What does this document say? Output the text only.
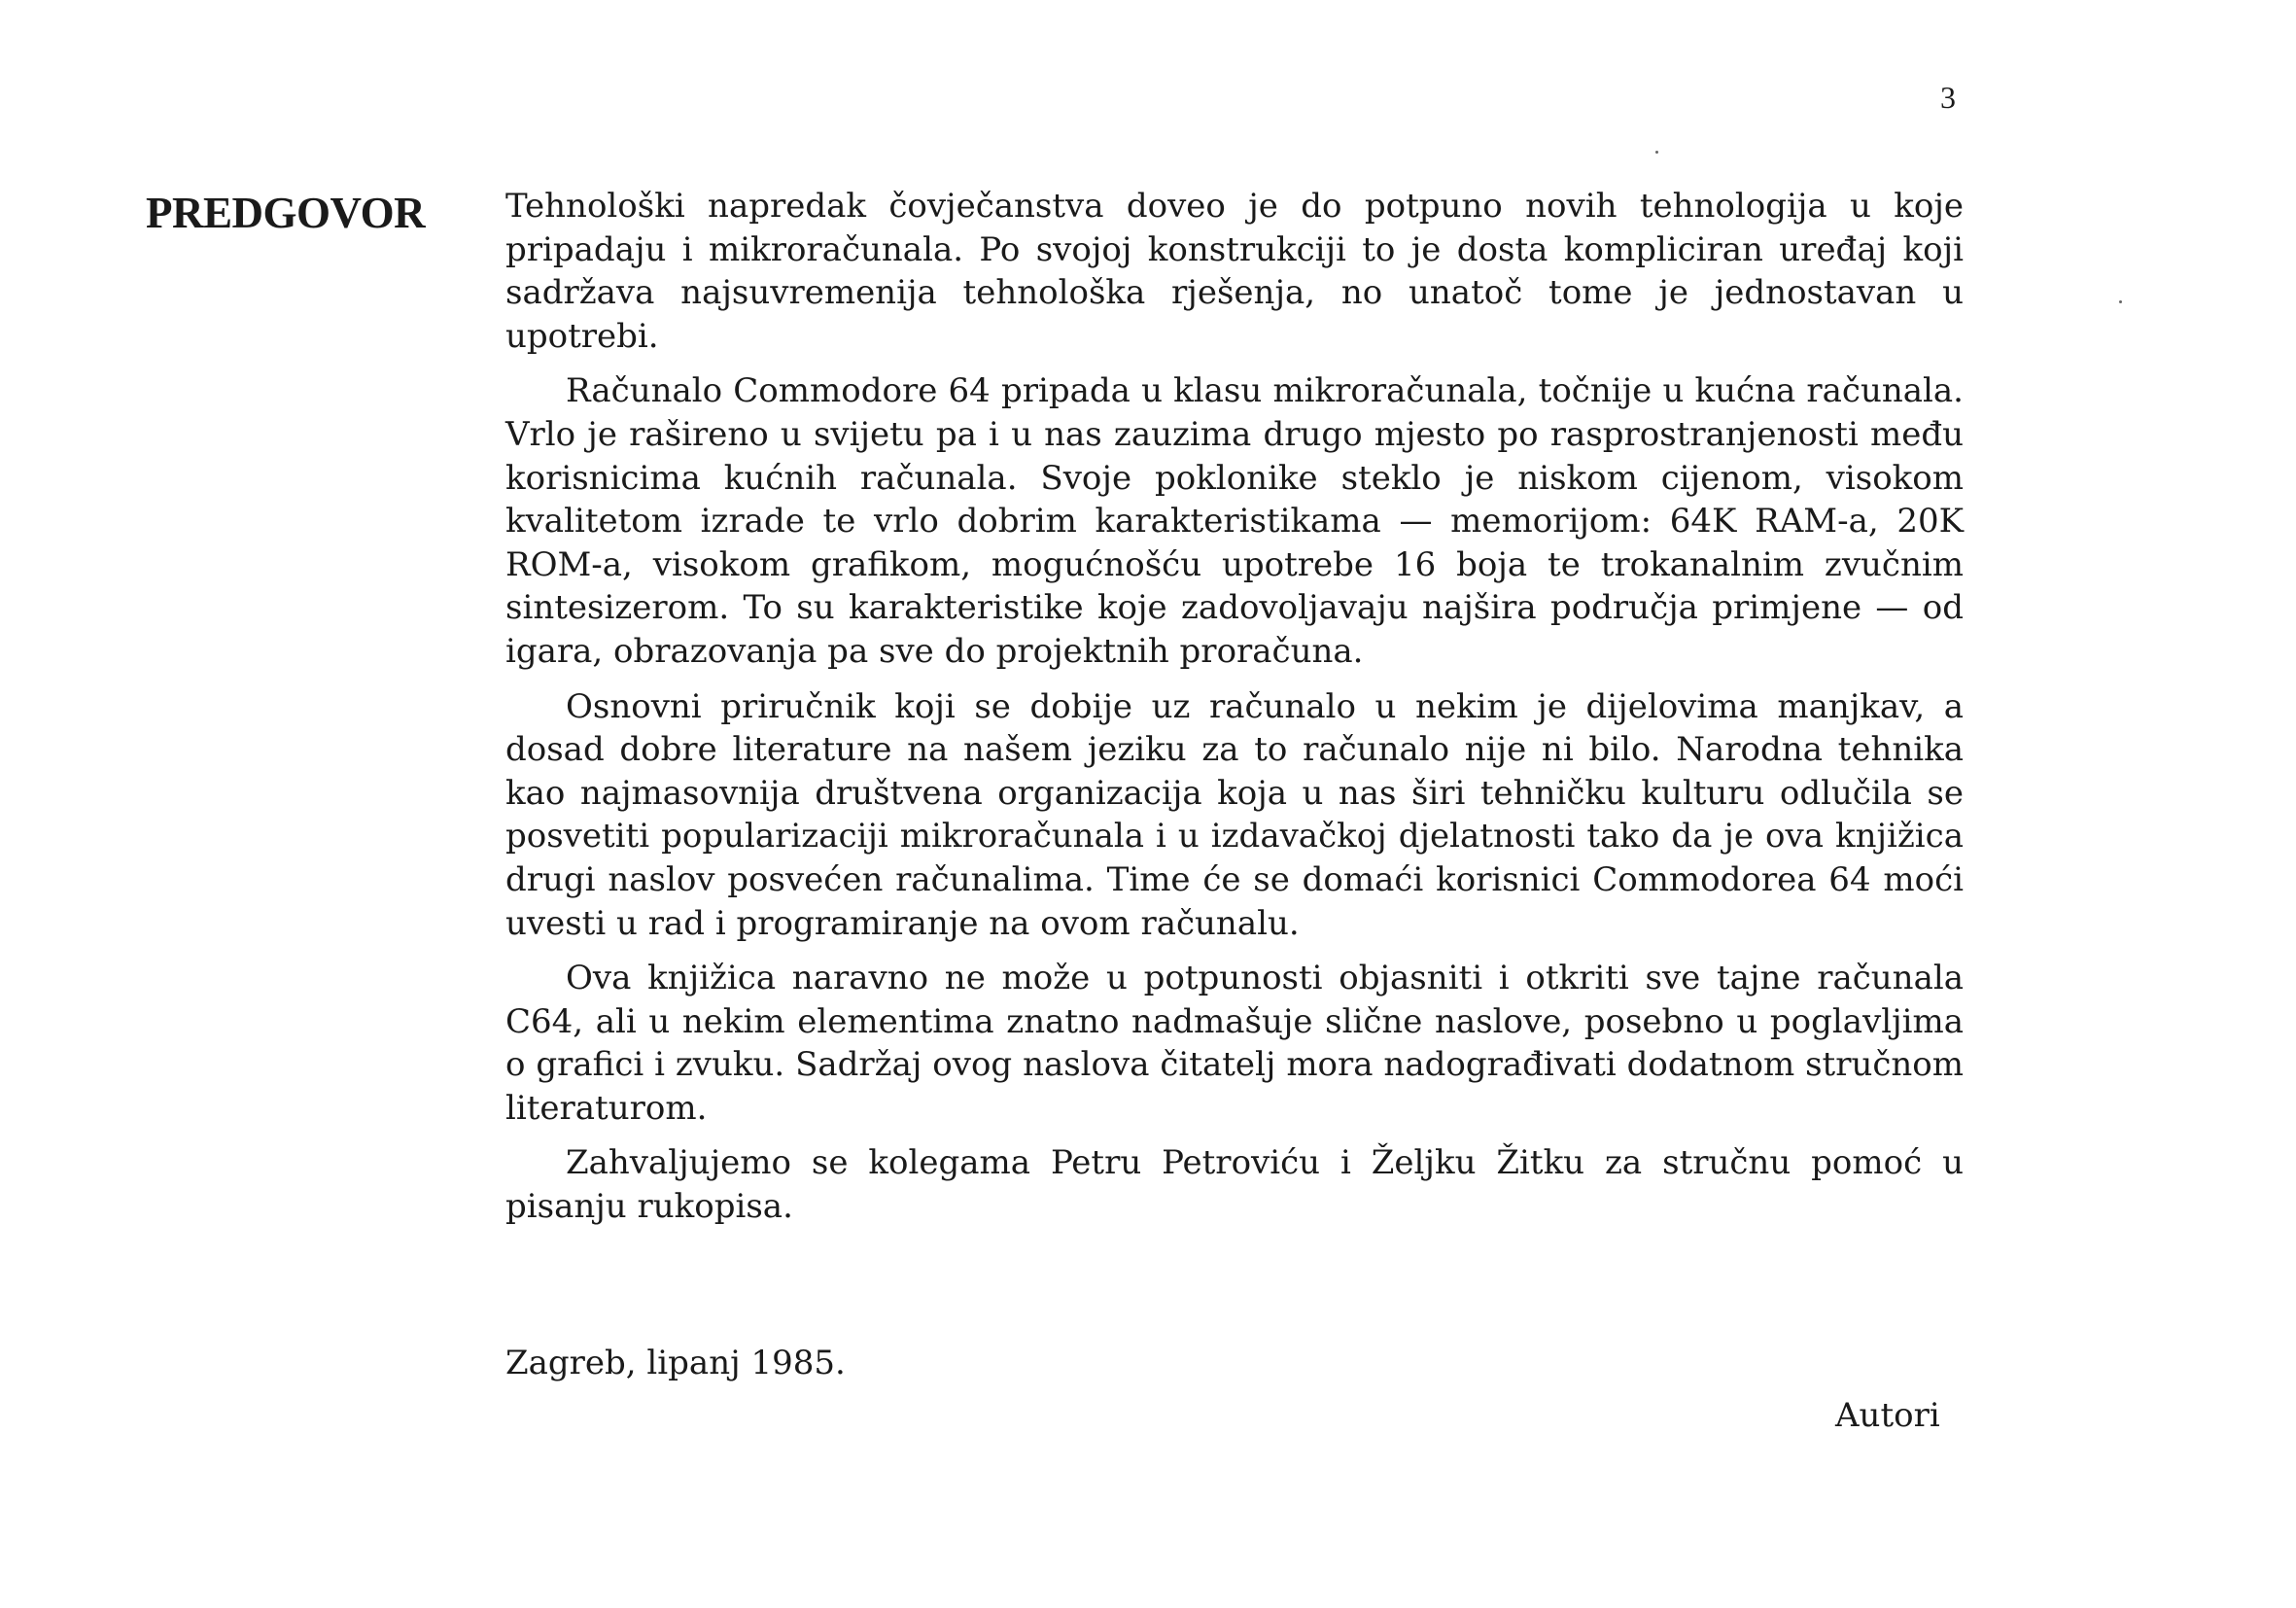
3
PREDGOVOR Tehnološki napredak čovječanstva doveo je do potpuno novih tehnologija u koje pripadaju i mikroračunala. Po svojoj konstrukciji to je dosta kompliciran uređaj koji sadržava najsuvremenija tehnološka rješenja, no unatoč tome je jednostavan u upotrebi.

Računalo Commodore 64 pripada u klasu mikroračunala, točnije u kućna računala. Vrlo je rašireno u svijetu pa i u nas zauzima drugo mjesto po rasprostranjenosti među korisnicima kućnih računala. Svoje poklonike steklo je niskom cijenom, visokom kvalitetom izrade te vrlo dobrim karakteristikama — memorijom: 64K RAM-a, 20K ROM-a, visokom grafikom, mogućnošću upotrebe 16 boja te trokanalnim zvučnim sintesizerom. To su karakteristike koje zadovoljavaju najšira područja primjene — od igara, obrazovanja pa sve do projektnih proračuna.

Osnovni priručnik koji se dobije uz računalo u nekim je dijelovima manjkav, a dosad dobre literature na našem jeziku za to računalo nije ni bilo. Narodna tehnika kao najmasovnija društvena organizacija koja u nas širi tehničku kulturu odlučila se posvetiti popularizaciji mikroračunala i u izdavačkoj djelatnosti tako da je ova knjižica drugi naslov posvećen računalima. Time će se domaći korisnici Commodorea 64 moći uvesti u rad i programiranje na ovom računalu.

Ova knjižica naravno ne može u potpunosti objasniti i otkriti sve tajne računala C64, ali u nekim elementima znatno nadmašuje slične naslove, posebno u poglavljima o grafici i zvuku. Sadržaj ovog naslova čitatelj mora nadograđivati dodatnom stručnom literaturom.

Zahvaljujemo se kolegama Petru Petroviću i Željku Žitku za stručnu pomoć u pisanju rukopisa.

Zagreb, lipanj 1985.
Autori
